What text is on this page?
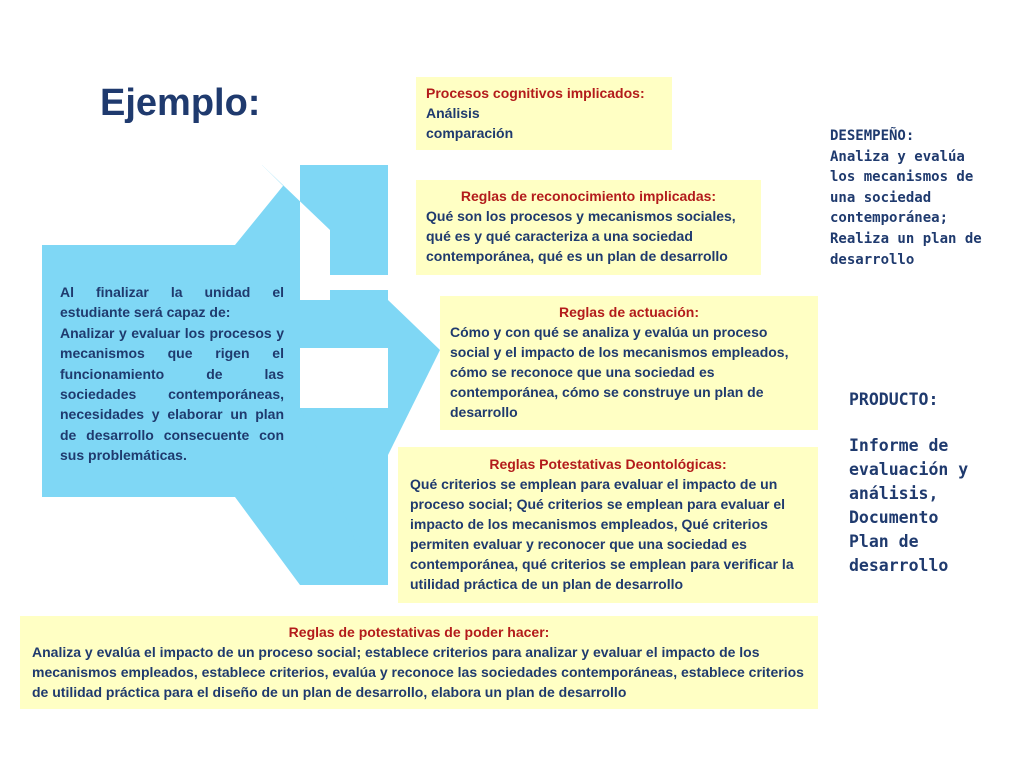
Ejemplo:

Al finalizar la unidad el estudiante será capaz de:

Analizar y evaluar los procesos y mecanismos que rigen el funcionamiento de las sociedades contemporáneas, necesidades y elaborar un plan de desarrollo consecuente con sus problemáticas.

Procesos cognitivos implicados:
Análisis
comparación
Reglas de reconocimiento implicadas:
Qué son los procesos y mecanismos sociales, qué es y qué caracteriza a una sociedad contemporánea, qué es un plan de desarrollo
Reglas de actuación:
Cómo y con qué se analiza y evalúa un proceso social y el impacto de los mecanismos empleados, cómo se reconoce que una sociedad es contemporánea, cómo se construye un plan de desarrollo
Reglas Potestativas Deontológicas:
Qué criterios se emplean para evaluar el impacto de un proceso social; Qué criterios se emplean para evaluar el impacto de los mecanismos empleados, Qué criterios permiten evaluar y reconocer que una sociedad es contemporánea, qué criterios se emplean para verificar la utilidad práctica de un plan de desarrollo
Reglas de potestativas de poder hacer:
Analiza y evalúa el impacto de un proceso social; establece criterios para analizar y evaluar el impacto de los mecanismos empleados, establece criterios, evalúa y reconoce las sociedades contemporáneas, establece criterios de utilidad práctica para el diseño de un plan de desarrollo, elabora un plan de desarrollo
DESEMPEÑO:
Analiza y evalúa
los mecanismos de
una sociedad
contemporánea;
Realiza un plan de
desarrollo
PRODUCTO:
Informe de
evaluación y
análisis,
Documento
Plan de
desarrollo
